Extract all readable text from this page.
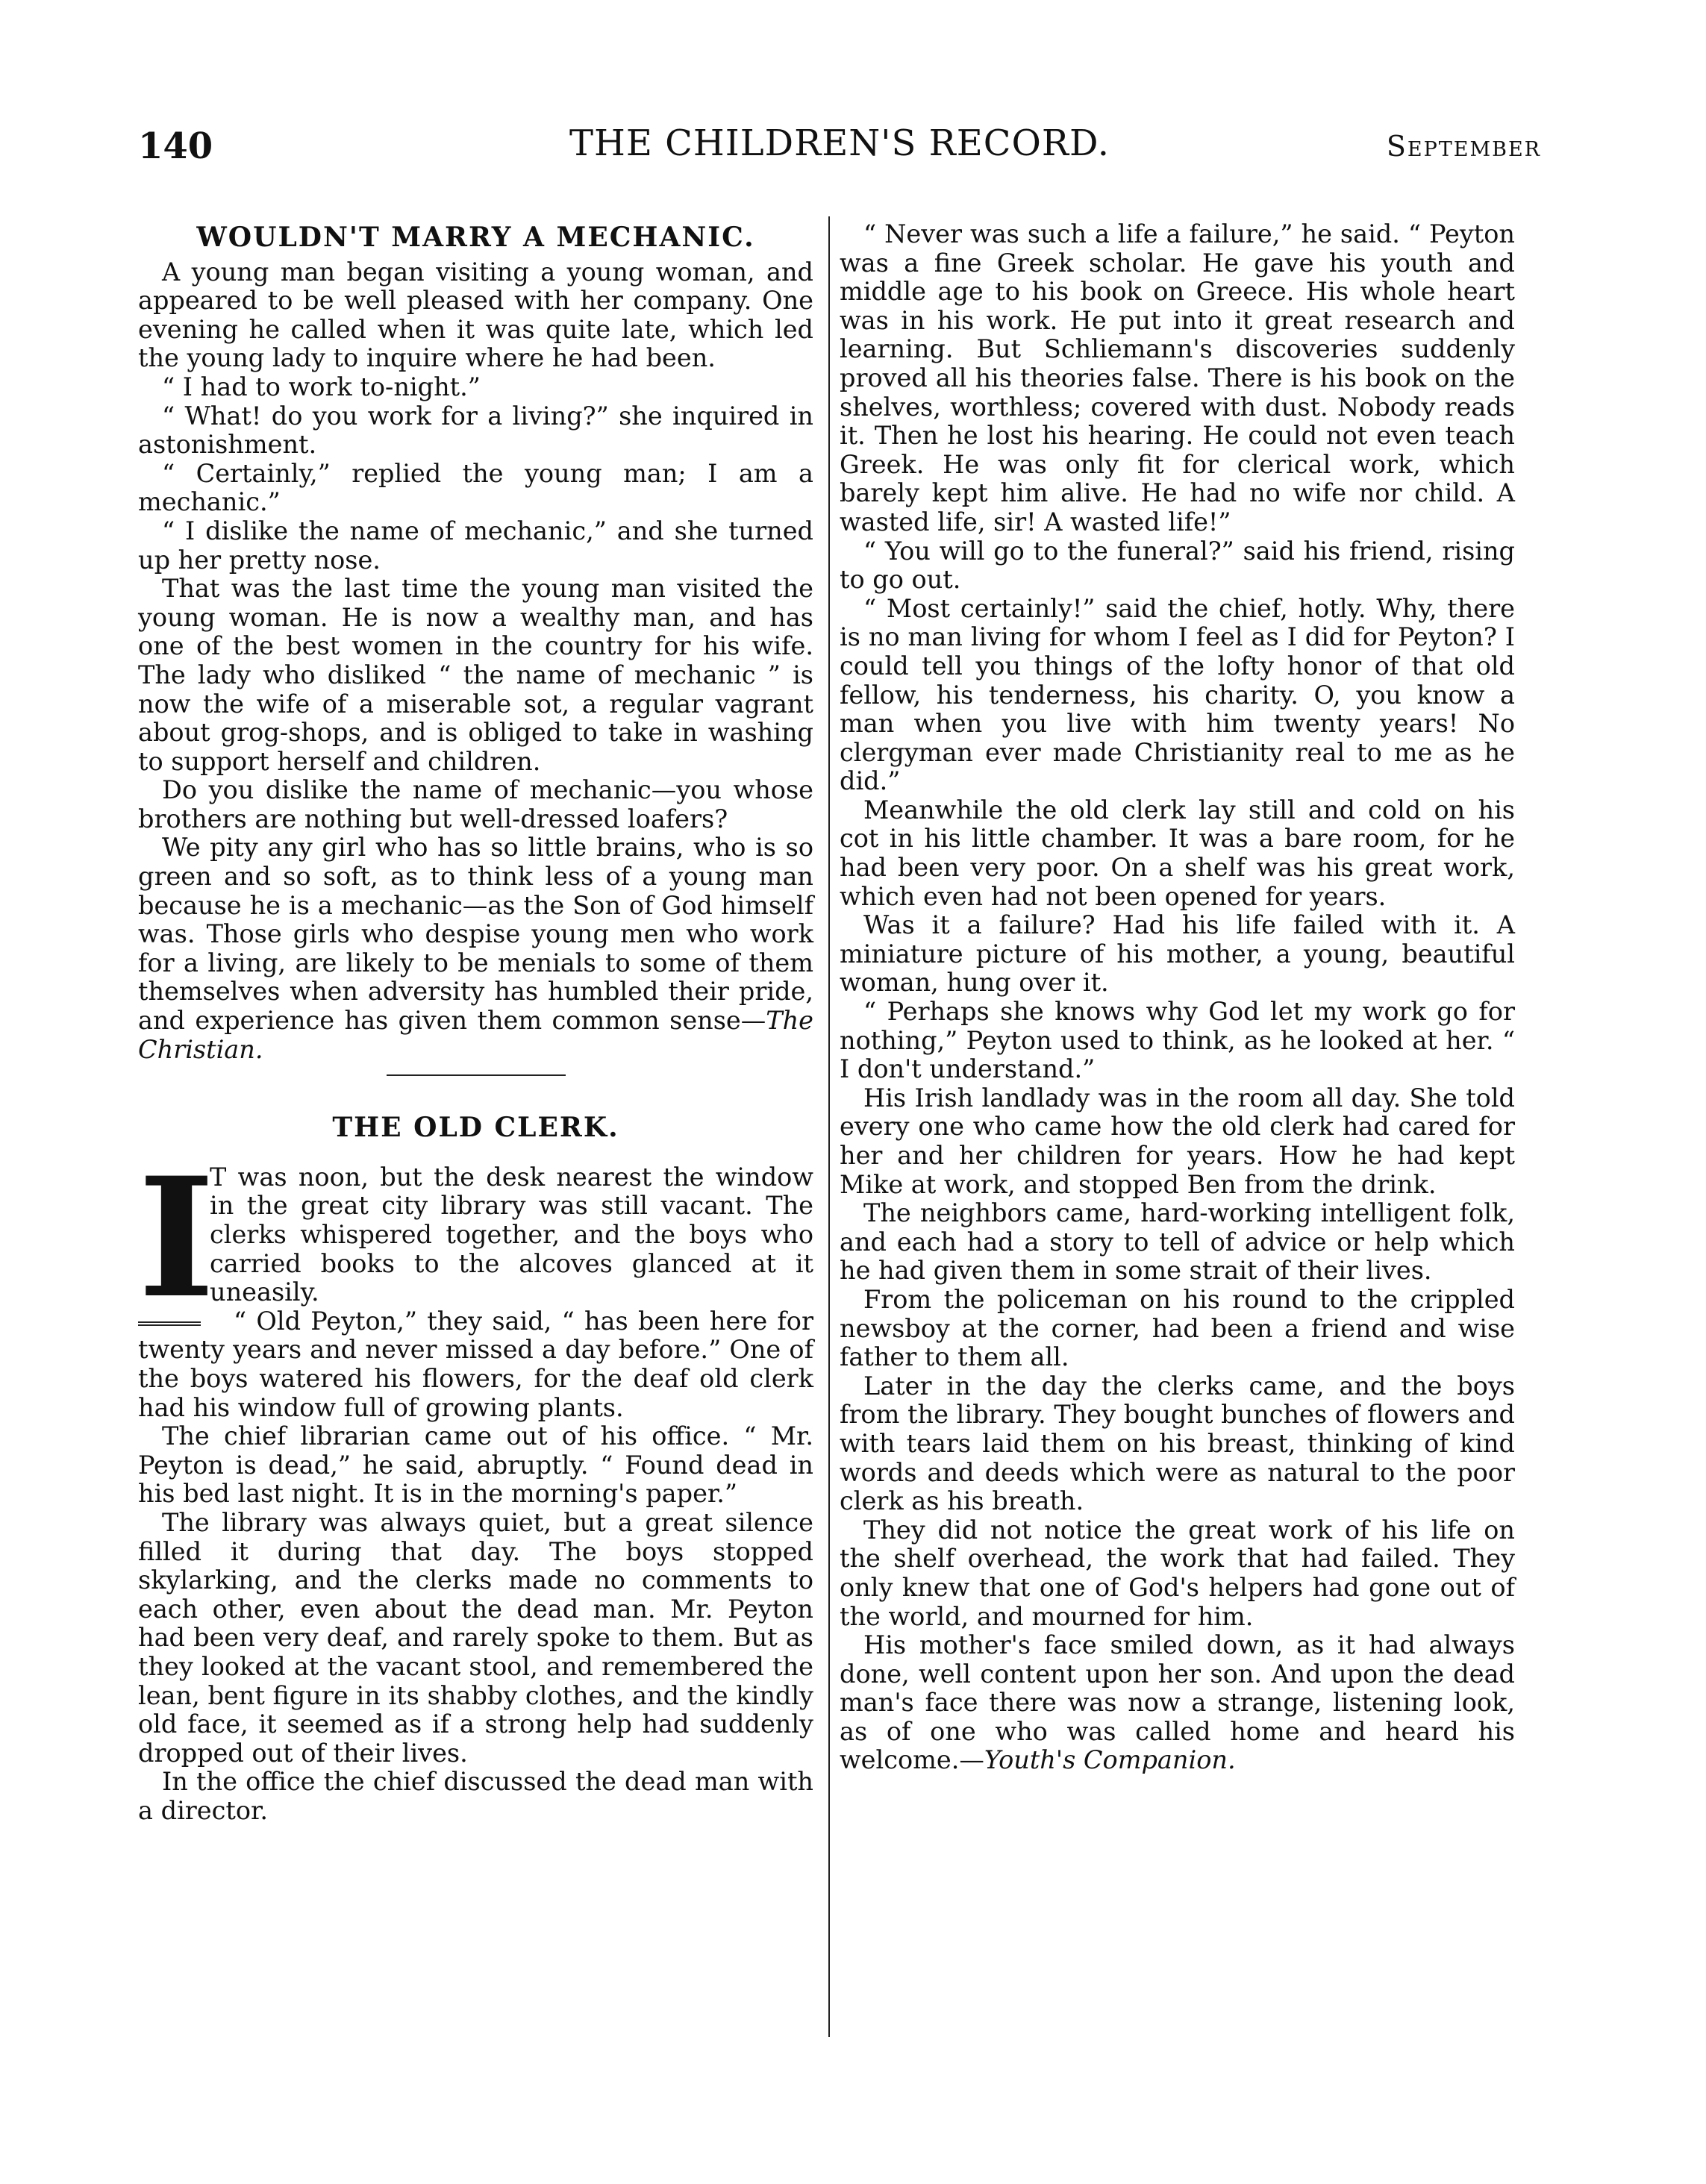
140	THE CHILDREN'S RECORD.	September
WOULDN'T MARRY A MECHANIC.

A young man began visiting a young woman, and appeared to be well pleased with her company. One evening he called when it was quite late, which led the young lady to inquire where he had been.

“ I had to work to-night.”

“ What! do you work for a living?” she inquired in astonishment.

“ Certainly,” replied the young man; I am a mechanic.”

“ I dislike the name of mechanic,” and she turned up her pretty nose.

That was the last time the young man visited the young woman. He is now a wealthy man, and has one of the best women in the country for his wife. The lady who disliked “ the name of mechanic ” is now the wife of a miserable sot, a regular vagrant about grog-shops, and is obliged to take in washing to support herself and children.

Do you dislike the name of mechanic—you whose brothers are nothing but well-dressed loafers?

We pity any girl who has so little brains, who is so green and so soft, as to think less of a young man because he is a mechanic—as the Son of God himself was. Those girls who despise young men who work for a living, are likely to be menials to some of them themselves when adversity has humbled their pride, and experience has given them common sense—The Christian.

THE OLD CLERK.

I
T was noon, but the desk nearest the window in the great city library was still vacant. The clerks whispered together, and the boys who carried books to the alcoves glanced at it uneasily.

“ Old Peyton,” they said, “ has been here for twenty years and never missed a day before.” One of the boys watered his flowers, for the deaf old clerk had his window full of growing plants.

The chief librarian came out of his office. “ Mr. Peyton is dead,” he said, abruptly. “ Found dead in his bed last night. It is in the morning's paper.”

The library was always quiet, but a great silence filled it during that day. The boys stopped skylarking, and the clerks made no comments to each other, even about the dead man. Mr. Peyton had been very deaf, and rarely spoke to them. But as they looked at the vacant stool, and remembered the lean, bent figure in its shabby clothes, and the kindly old face, it seemed as if a strong help had suddenly dropped out of their lives.

In the office the chief discussed the dead man with a director.

“ Never was such a life a failure,” he said. “ Peyton was a fine Greek scholar. He gave his youth and middle age to his book on Greece. His whole heart was in his work. He put into it great research and learning. But Schliemann's discoveries suddenly proved all his theories false. There is his book on the shelves, worthless; covered with dust. Nobody reads it. Then he lost his hearing. He could not even teach Greek. He was only fit for clerical work, which barely kept him alive. He had no wife nor child. A wasted life, sir! A wasted life!”

“ You will go to the funeral?” said his friend, rising to go out.

“ Most certainly!” said the chief, hotly. Why, there is no man living for whom I feel as I did for Peyton? I could tell you things of the lofty honor of that old fellow, his tenderness, his charity. O, you know a man when you live with him twenty years! No clergyman ever made Christianity real to me as he did.”

Meanwhile the old clerk lay still and cold on his cot in his little chamber. It was a bare room, for he had been very poor. On a shelf was his great work, which even had not been opened for years.

Was it a failure? Had his life failed with it. A miniature picture of his mother, a young, beautiful woman, hung over it.

“ Perhaps she knows why God let my work go for nothing,” Peyton used to think, as he looked at her. “ I don't understand.”

His Irish landlady was in the room all day. She told every one who came how the old clerk had cared for her and her children for years. How he had kept Mike at work, and stopped Ben from the drink.

The neighbors came, hard-working intelligent folk, and each had a story to tell of advice or help which he had given them in some strait of their lives.

From the policeman on his round to the crippled newsboy at the corner, had been a friend and wise father to them all.

Later in the day the clerks came, and the boys from the library. They bought bunches of flowers and with tears laid them on his breast, thinking of kind words and deeds which were as natural to the poor clerk as his breath.

They did not notice the great work of his life on the shelf overhead, the work that had failed. They only knew that one of God's helpers had gone out of the world, and mourned for him.

His mother's face smiled down, as it had always done, well content upon her son. And upon the dead man's face there was now a strange, listening look, as of one who was called home and heard his welcome.—Youth's Companion.
